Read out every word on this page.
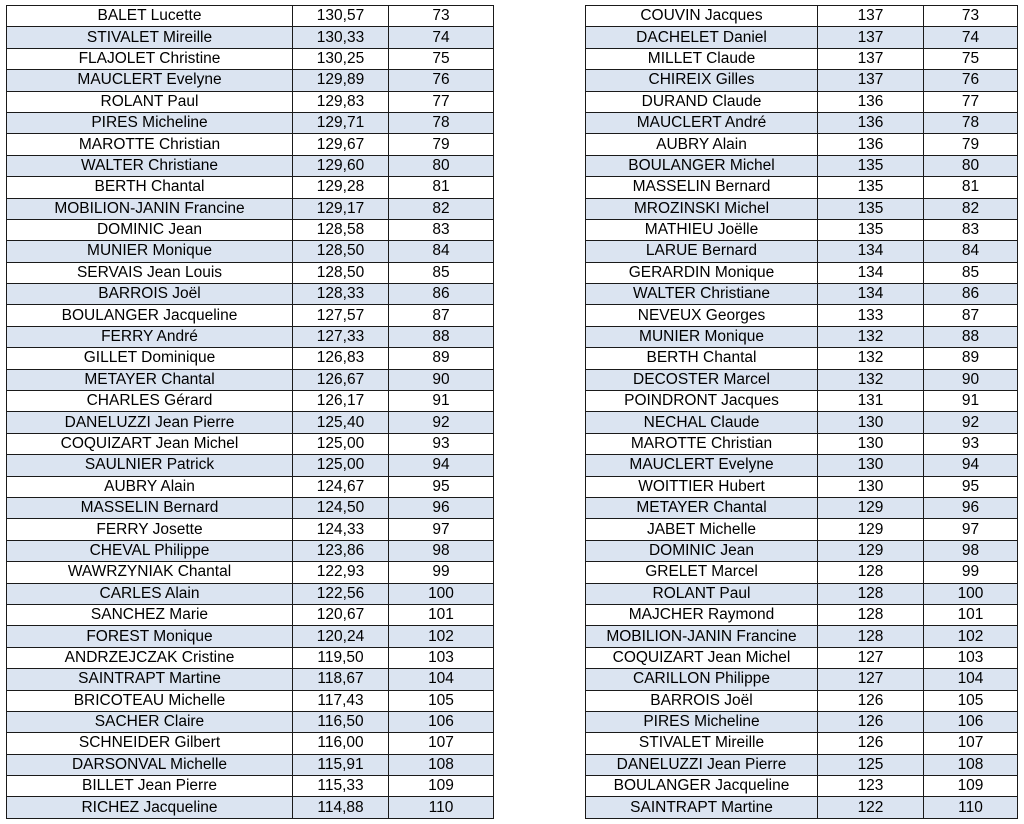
BALET Lucette	130,57	73
STIVALET Mireille	130,33	74
FLAJOLET Christine	130,25	75
MAUCLERT Evelyne	129,89	76
ROLANT Paul	129,83	77
PIRES Micheline	129,71	78
MAROTTE Christian	129,67	79
WALTER Christiane	129,60	80
BERTH Chantal	129,28	81
MOBILION-JANIN Francine	129,17	82
DOMINIC Jean	128,58	83
MUNIER Monique	128,50	84
SERVAIS Jean Louis	128,50	85
BARROIS Joël	128,33	86
BOULANGER Jacqueline	127,57	87
FERRY André	127,33	88
GILLET Dominique	126,83	89
METAYER Chantal	126,67	90
CHARLES Gérard	126,17	91
DANELUZZI Jean Pierre	125,40	92
COQUIZART Jean Michel	125,00	93
SAULNIER Patrick	125,00	94
AUBRY Alain	124,67	95
MASSELIN Bernard	124,50	96
FERRY Josette	124,33	97
CHEVAL Philippe	123,86	98
WAWRZYNIAK Chantal	122,93	99
CARLES Alain	122,56	100
SANCHEZ Marie	120,67	101
FOREST Monique	120,24	102
ANDRZEJCZAK Cristine	119,50	103
SAINTRAPT Martine	118,67	104
BRICOTEAU Michelle	117,43	105
SACHER Claire	116,50	106
SCHNEIDER Gilbert	116,00	107
DARSONVAL Michelle	115,91	108
BILLET Jean Pierre	115,33	109
RICHEZ Jacqueline	114,88	110
COUVIN Jacques	137	73
DACHELET Daniel	137	74
MILLET Claude	137	75
CHIREIX Gilles	137	76
DURAND Claude	136	77
MAUCLERT André	136	78
AUBRY Alain	136	79
BOULANGER Michel	135	80
MASSELIN Bernard	135	81
MROZINSKI Michel	135	82
MATHIEU Joëlle	135	83
LARUE Bernard	134	84
GERARDIN Monique	134	85
WALTER Christiane	134	86
NEVEUX Georges	133	87
MUNIER Monique	132	88
BERTH Chantal	132	89
DECOSTER Marcel	132	90
POINDRONT Jacques	131	91
NECHAL Claude	130	92
MAROTTE Christian	130	93
MAUCLERT Evelyne	130	94
WOITTIER Hubert	130	95
METAYER Chantal	129	96
JABET Michelle	129	97
DOMINIC Jean	129	98
GRELET Marcel	128	99
ROLANT Paul	128	100
MAJCHER Raymond	128	101
MOBILION-JANIN Francine	128	102
COQUIZART Jean Michel	127	103
CARILLON Philippe	127	104
BARROIS Joël	126	105
PIRES Micheline	126	106
STIVALET Mireille	126	107
DANELUZZI Jean Pierre	125	108
BOULANGER Jacqueline	123	109
SAINTRAPT Martine	122	110
